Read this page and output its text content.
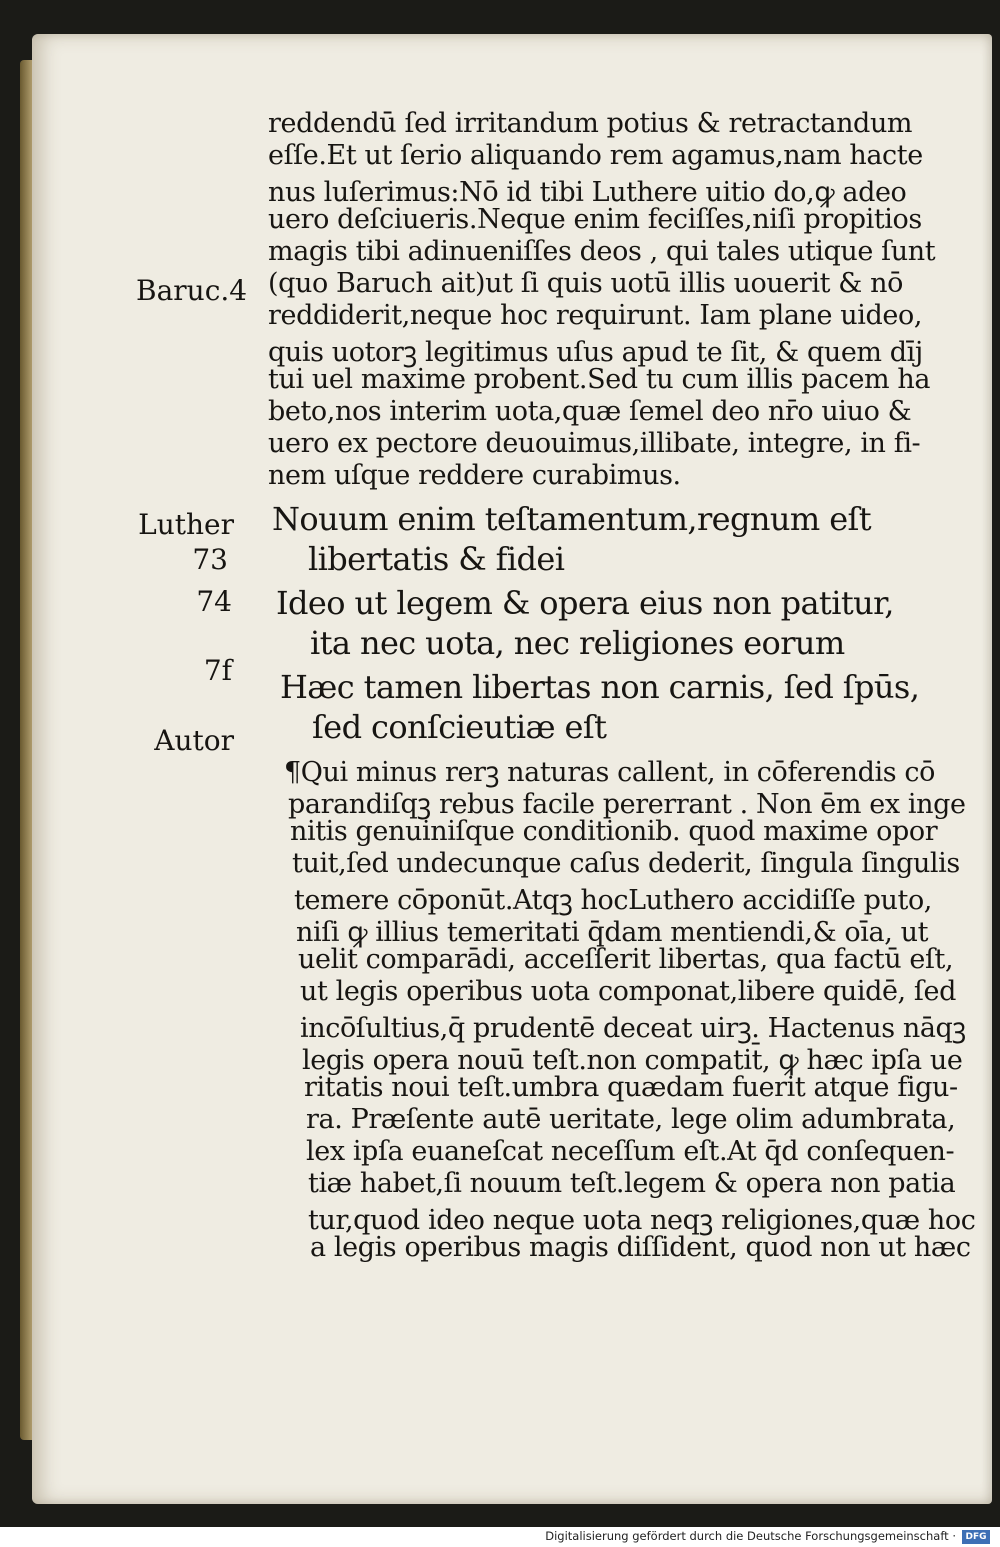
Baruc.4
Luther
73
74
7f
Autor
reddendū ſed irritandum potius & retractandum
eſſe.Et ut ſerio aliquando rem agamus,nam hacte
nus luſerimus:Nō id tibi Luthere uitio do,ꝙ adeo
uero deſciueris.Neque enim feciſſes,niſi propitios
magis tibi adinueniſſes deos , qui tales utique ſunt
(quo Baruch ait)ut ſi quis uotū illis uouerit & nō
reddiderit,neque hoc requirunt. Iam plane uideo,
quis uotorꝫ legitimus uſus apud te ſit, & quem dīj
tui uel maxime probent.Sed tu cum illis pacem ha
beto,nos interim uota,quæ ſemel deo nr̄o uiuo &
uero ex pectore deuouimus,illibate, integre, in fi-
nem uſque reddere curabimus.
Nouum enim teſtamentum,regnum eſt
libertatis & fidei
Ideo ut legem & opera eius non patitur,
ita nec uota, nec religiones eorum
Hæc tamen libertas non carnis, ſed ſpūs,
ſed conſcieutiæ eſt
¶Qui minus rerꝫ naturas callent, in cōferendis cō
parandiſqꝫ rebus facile pererrant . Non ēm ex inge
nitis genuiniſque conditionib. quod maxime opor
tuit,ſed undecunque caſus dederit, ſingula ſingulis
temere cōponūt.Atqꝫ hocLuthero accidiſſe puto,
niſi ꝙ illius temeritati q̄dam mentiendi,& oīa, ut
uelit comparādi, acceſſerit libertas, qua factū eſt,
ut legis operibus uota componat,libere quidē, ſed
incōſultius,q̄ prudentē deceat uirꝫ. Hactenus nāqꝫ
legis opera nouū teſt.non compatit̄, ꝙ hæc ipſa ue
ritatis noui teſt.umbra quædam fuerit atque figu-
ra. Præſente autē ueritate, lege olim adumbrata,
lex ipſa euaneſcat neceſſum eſt.At q̄d conſequen-
tiæ habet,ſi nouum teſt.legem & opera non patia
tur,quod ideo neque uota neqꝫ religiones,quæ hoc
a legis operibus magis diſſident, quod non ut hæc
Digitalisierung gefördert durch die Deutsche Forschungsgemeinschaft ·	DFG
